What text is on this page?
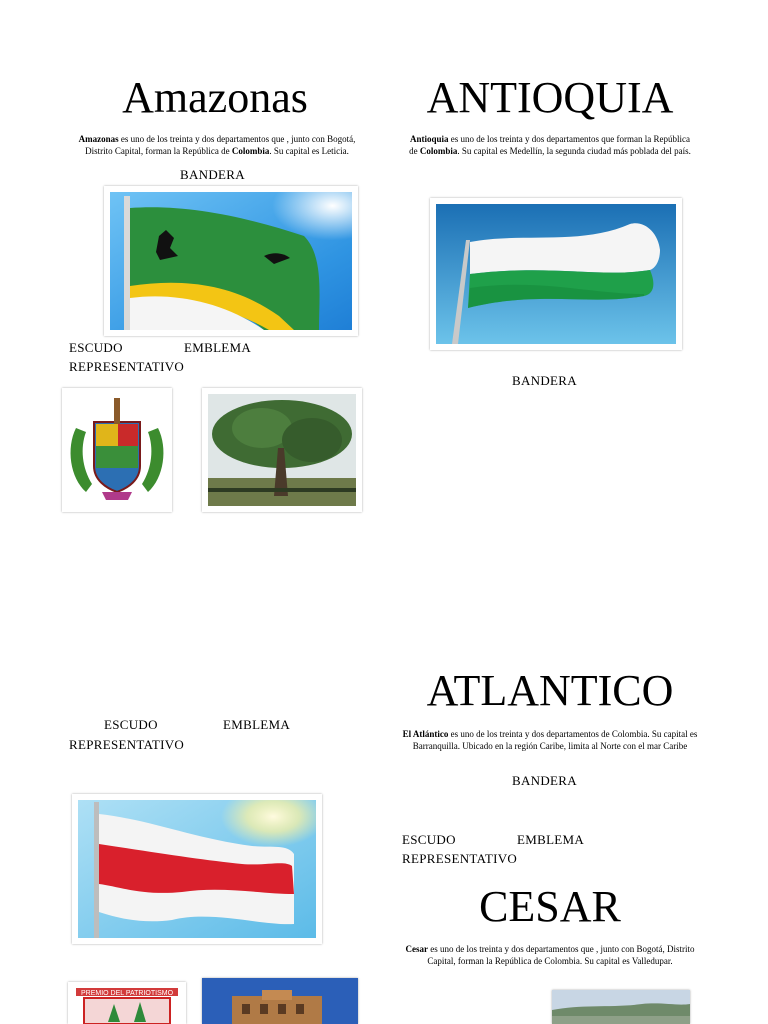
Amazonas
Amazonas es uno de los treinta y dos departamentos que , junto con Bogotá, Distrito Capital, forman la República de Colombia. Su capital es Leticia.
BANDERA
ESCUDO	EMBLEMA
REPRESENTATIVO
ANTIOQUIA
Antioquia es uno de los treinta y dos departamentos que forman la República de Colombia. Su capital es Medellín, la segunda ciudad más poblada del país.
BANDERA
ESCUDO	EMBLEMA
REPRESENTATIVO
PREMIO DEL PATRIOTISMO
ATLANTICO
El Atlántico es uno de los treinta y dos departamentos de Colombia. Su capital es Barranquilla. Ubicado en la región Caribe, limita al Norte con el mar Caribe
BANDERA
ESCUDO	EMBLEMA
REPRESENTATIVO
CESAR
Cesar es uno de los treinta y dos departamentos que , junto con Bogotá, Distrito Capital, forman la República de Colombia. Su capital es Valledupar.
